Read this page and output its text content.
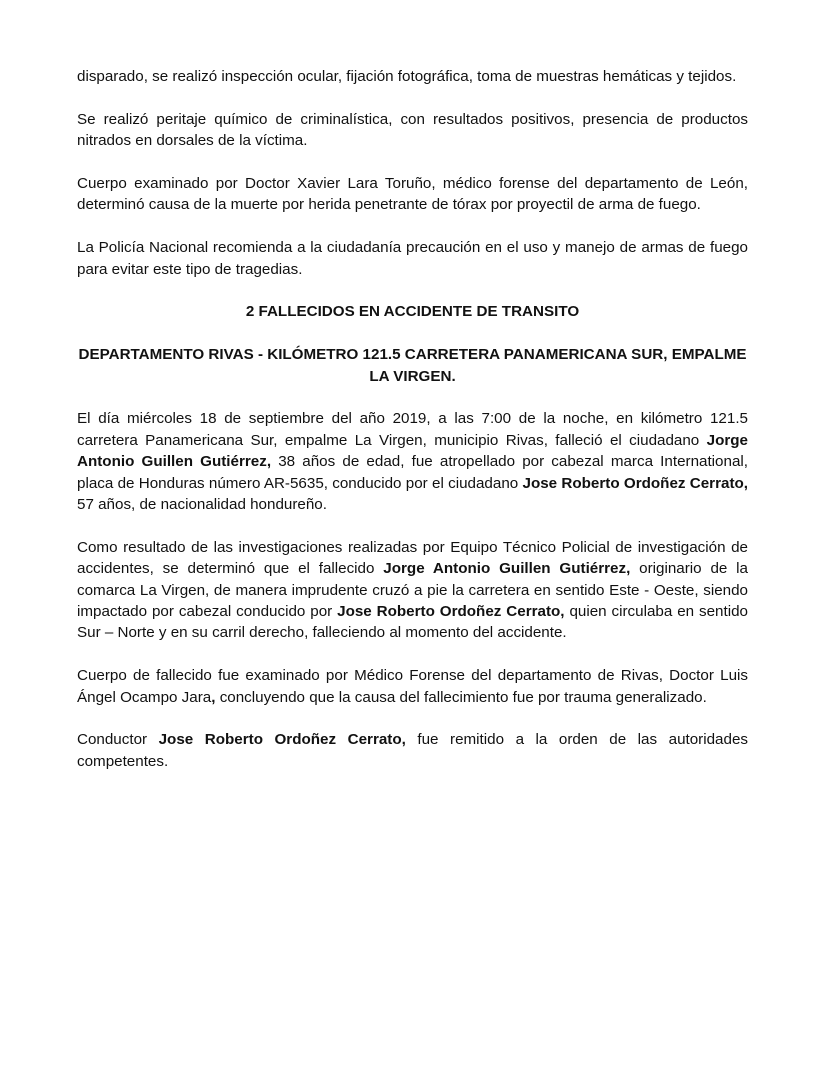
disparado, se realizó inspección ocular, fijación fotográfica, toma de muestras hemáticas y tejidos.

Se realizó peritaje químico de criminalística, con resultados positivos, presencia de productos nitrados en dorsales de la víctima.

Cuerpo examinado por Doctor Xavier Lara Toruño, médico forense del departamento de León, determinó causa de la muerte por herida penetrante de tórax por proyectil de arma de fuego.

La Policía Nacional recomienda a la ciudadanía precaución en el uso y manejo de armas de fuego para evitar este tipo de tragedias.

2 FALLECIDOS EN ACCIDENTE DE TRANSITO

DEPARTAMENTO RIVAS - KILÓMETRO 121.5 CARRETERA PANAMERICANA SUR, EMPALME LA VIRGEN.

El día miércoles 18 de septiembre del año 2019, a las 7:00 de la noche, en kilómetro 121.5 carretera Panamericana Sur, empalme La Virgen, municipio Rivas, falleció el ciudadano Jorge Antonio Guillen Gutiérrez, 38 años de edad, fue atropellado por cabezal marca International, placa de Honduras número AR-5635, conducido por el ciudadano Jose Roberto Ordoñez Cerrato, 57 años, de nacionalidad hondureño.

Como resultado de las investigaciones realizadas por Equipo Técnico Policial de investigación de accidentes, se determinó que el fallecido Jorge Antonio Guillen Gutiérrez, originario de la comarca La Virgen, de manera imprudente cruzó a pie la carretera en sentido Este - Oeste, siendo impactado por cabezal conducido por Jose Roberto Ordoñez Cerrato, quien circulaba en sentido Sur – Norte y en su carril derecho, falleciendo al momento del accidente.

Cuerpo de fallecido fue examinado por Médico Forense del departamento de Rivas, Doctor Luis Ángel Ocampo Jara, concluyendo que la causa del fallecimiento fue por trauma generalizado.

Conductor Jose Roberto Ordoñez Cerrato, fue remitido a la orden de las autoridades competentes.
